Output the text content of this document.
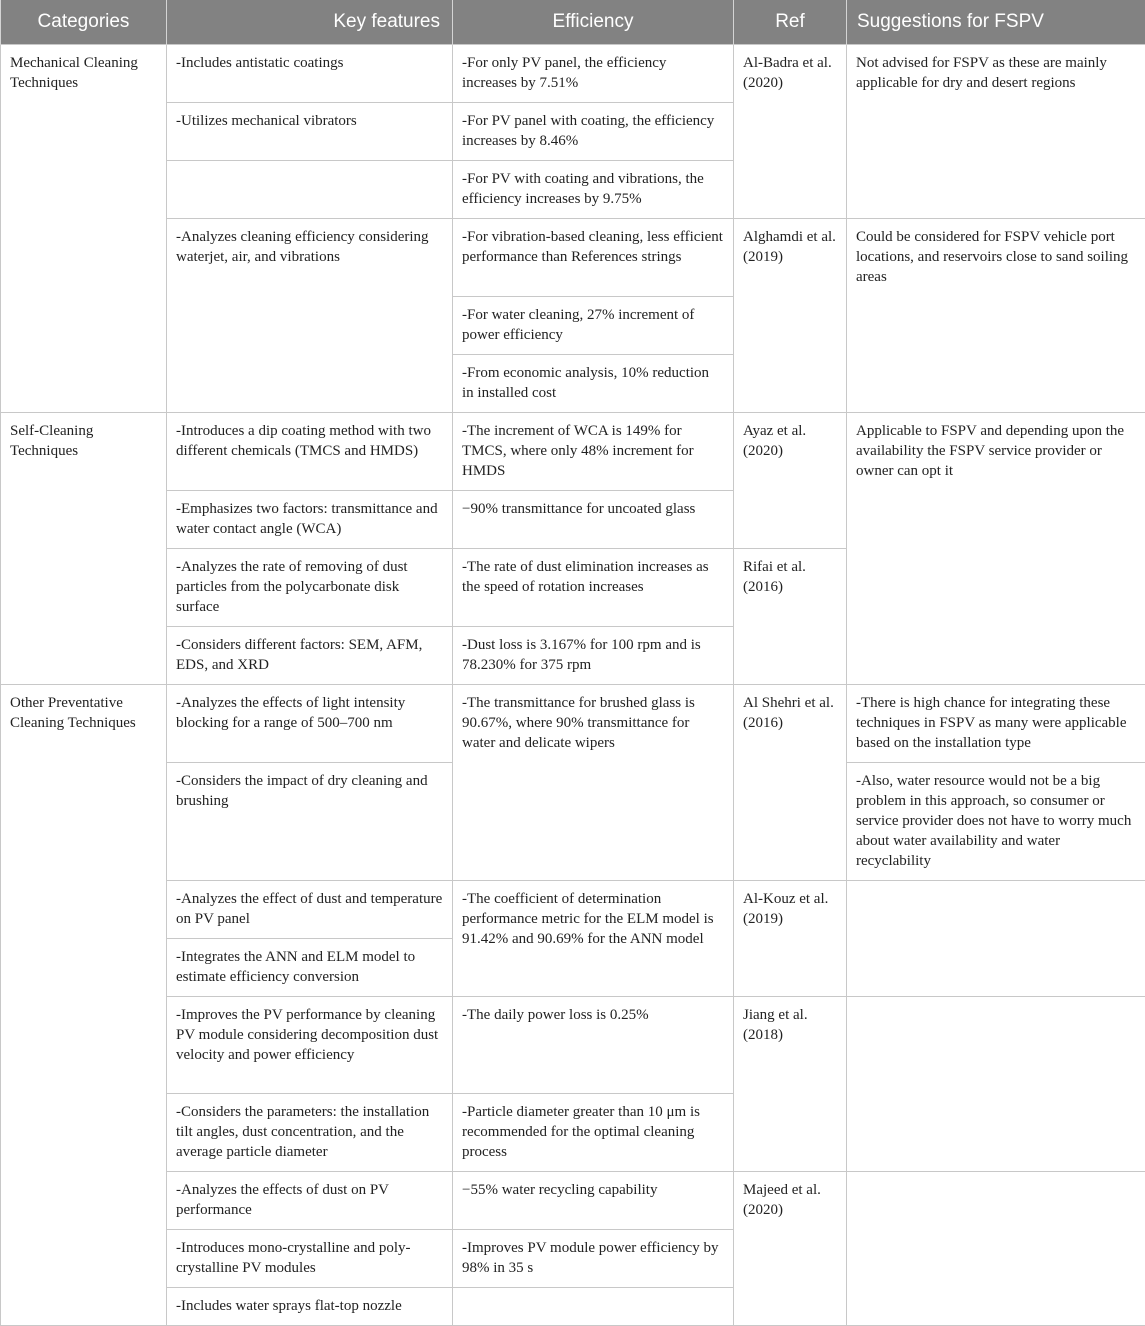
Categories	Key features	Efficiency	Ref	Suggestions for FSPV
Mechanical Cleaning Techniques	-Includes antistatic coatings	-For only PV panel, the efficiency increases by 7.51%	Al-Badra et al. (2020)	Not advised for FSPV as these are mainly applicable for dry and desert regions
	-Utilizes mechanical vibrators	-For PV panel with coating, the efficiency increases by 8.46%		
		-For PV with coating and vibrations, the efficiency increases by 9.75%		
	-Analyzes cleaning efficiency considering waterjet, air, and vibrations	-For vibration-based cleaning, less efficient performance than References strings	Alghamdi et al. (2019)	Could be considered for FSPV vehicle port locations, and reservoirs close to sand soiling areas
		-For water cleaning, 27% increment of power efficiency		
		-From economic analysis, 10% reduction in installed cost		
Self-Cleaning Techniques	-Introduces a dip coating method with two different chemicals (TMCS and HMDS)	-The increment of WCA is 149% for TMCS, where only 48% increment for HMDS	Ayaz et al. (2020)	Applicable to FSPV and depending upon the availability the FSPV service provider or owner can opt it
	-Emphasizes two factors: transmittance and water contact angle (WCA)	−90% transmittance for uncoated glass		
	-Analyzes the rate of removing of dust particles from the polycarbonate disk surface	-The rate of dust elimination increases as the speed of rotation increases	Rifai et al. (2016)	
	-Considers different factors: SEM, AFM, EDS, and XRD	-Dust loss is 3.167% for 100 rpm and is 78.230% for 375 rpm		
Other Preventative Cleaning Techniques	-Analyzes the effects of light intensity blocking for a range of 500–700 nm	-The transmittance for brushed glass is 90.67%, where 90% transmittance for water and delicate wipers	Al Shehri et al. (2016)	-There is high chance for integrating these techniques in FSPV as many were applicable based on the installation type
	-Considers the impact of dry cleaning and brushing			-Also, water resource would not be a big problem in this approach, so consumer or service provider does not have to worry much about water availability and water recyclability
	-Analyzes the effect of dust and temperature on PV panel	-The coefficient of determination performance metric for the ELM model is 91.42% and 90.69% for the ANN model	Al-Kouz et al. (2019)	
	-Integrates the ANN and ELM model to estimate efficiency conversion			
	-Improves the PV performance by cleaning PV module considering decomposition dust velocity and power efficiency	-The daily power loss is 0.25%	Jiang et al. (2018)	
	-Considers the parameters: the installation tilt angles, dust concentration, and the average particle diameter	-Particle diameter greater than 10 μm is recommended for the optimal cleaning process		
	-Analyzes the effects of dust on PV performance	−55% water recycling capability	Majeed et al. (2020)	
	-Introduces mono-crystalline and poly-crystalline PV modules	-Improves PV module power efficiency by 98% in 35 s		
	-Includes water sprays flat-top nozzle			
